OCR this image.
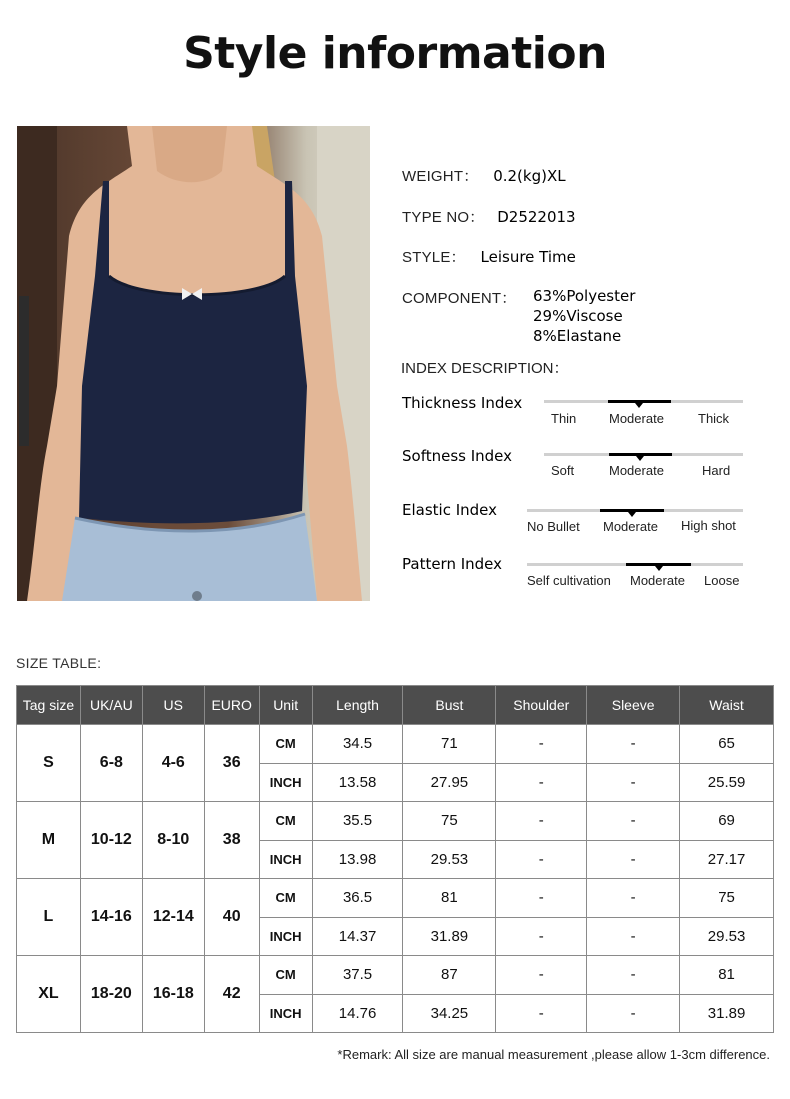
Style information
WEIGHT： 0.2(kg)XL
TYPE NO： D2522013
STYLE： Leisure Time
COMPONENT： 63%Polyester
29%Viscose
8%Elastane
INDEX DESCRIPTION：
Thickness Index
Thin	Moderate	Thick
Softness Index
Soft	Moderate	Hard
Elastic Index
No Bullet Moderate High shot
Pattern Index
Self cultivation Moderate Loose
SIZE TABLE:
Tag size	UK/AU	US	EURO	Unit	Length	Bust	Shoulder	Sleeve	Waist
S	6-8	4-6	36	CM	34.5	71	-	-	65
				INCH	13.58	27.95	-	-	25.59
M	10-12	8-10	38	CM	35.5	75	-	-	69
				INCH	13.98	29.53	-	-	27.17
L	14-16	12-14	40	CM	36.5	81	-	-	75
				INCH	14.37	31.89	-	-	29.53
XL	18-20	16-18	42	CM	37.5	87	-	-	81
				INCH	14.76	34.25	-	-	31.89
*Remark: All size are manual measurement ,please allow 1-3cm difference.
